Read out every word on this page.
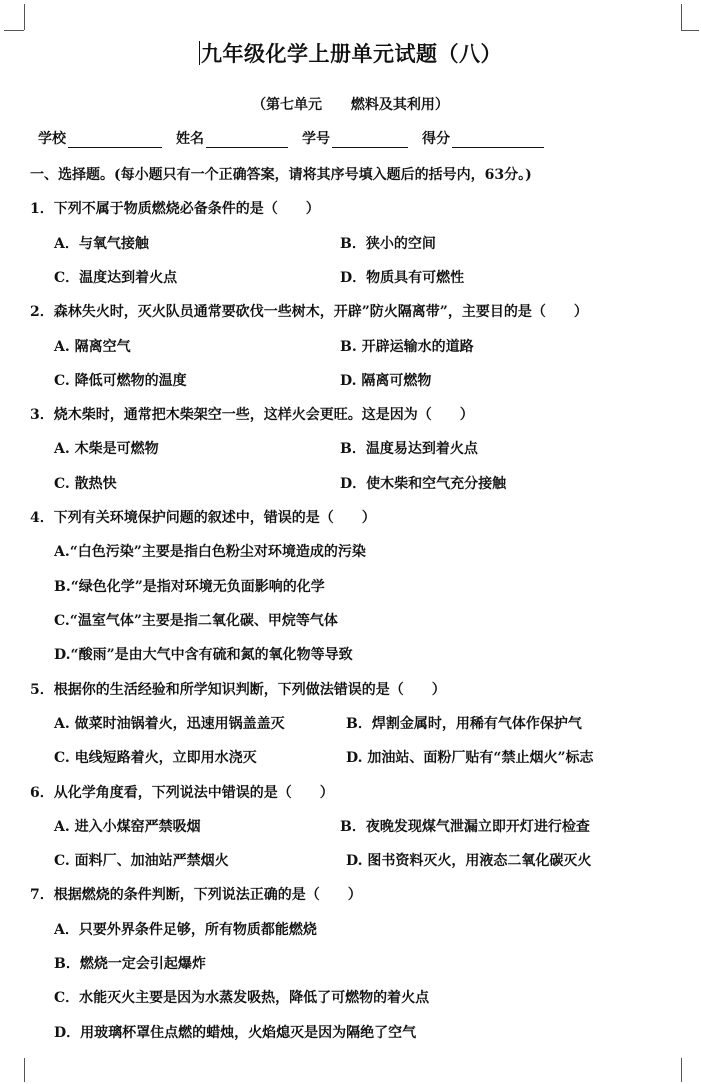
九年级化学上册单元试题（八）
（第七单元　 燃料及其利用）
学校	姓名	学号	得分
一、选择题。(每小题只有一个正确答案，请将其序号填入题后的括号内，63分。)
1．下列不属于物质燃烧必备条件的是（　　）
A．与氧气接触	B．狭小的空间
C．温度达到着火点	D．物质具有可燃性
2．森林失火时，灭火队员通常要砍伐一些树木，开辟”防火隔离带”，主要目的是（　　）
A. 隔离空气	B. 开辟运输水的道路
C. 降低可燃物的温度	D. 隔离可燃物
3．烧木柴时，通常把木柴架空一些，这样火会更旺。这是因为（　　）
A. 木柴是可燃物	B．温度易达到着火点
C. 散热快	D．使木柴和空气充分接触
4．下列有关环境保护问题的叙述中，错误的是（　　）
A.“白色污染”主要是指白色粉尘对环境造成的污染
B.“绿色化学”是指对环境无负面影响的化学
C.“温室气体”主要是指二氧化碳、甲烷等气体
D.“酸雨”是由大气中含有硫和氮的氧化物等导致
5．根据你的生活经验和所学知识判断，下列做法错误的是（　　）
A. 做菜时油锅着火，迅速用锅盖盖灭	B．焊割金属时，用稀有气体作保护气
C. 电线短路着火，立即用水浇灭	D. 加油站、面粉厂贴有“禁止烟火”标志
6．从化学角度看，下列说法中错误的是（　　）
A. 进入小煤窑严禁吸烟	B．夜晚发现煤气泄漏立即开灯进行检查
C. 面料厂、加油站严禁烟火	D. 图书资料灭火，用液态二氧化碳灭火
7．根据燃烧的条件判断，下列说法正确的是（　　）
A．只要外界条件足够，所有物质都能燃烧
B．燃烧一定会引起爆炸
C．水能灭火主要是因为水蒸发吸热，降低了可燃物的着火点
D．用玻璃杯罩住点燃的蜡烛，火焰熄灭是因为隔绝了空气
